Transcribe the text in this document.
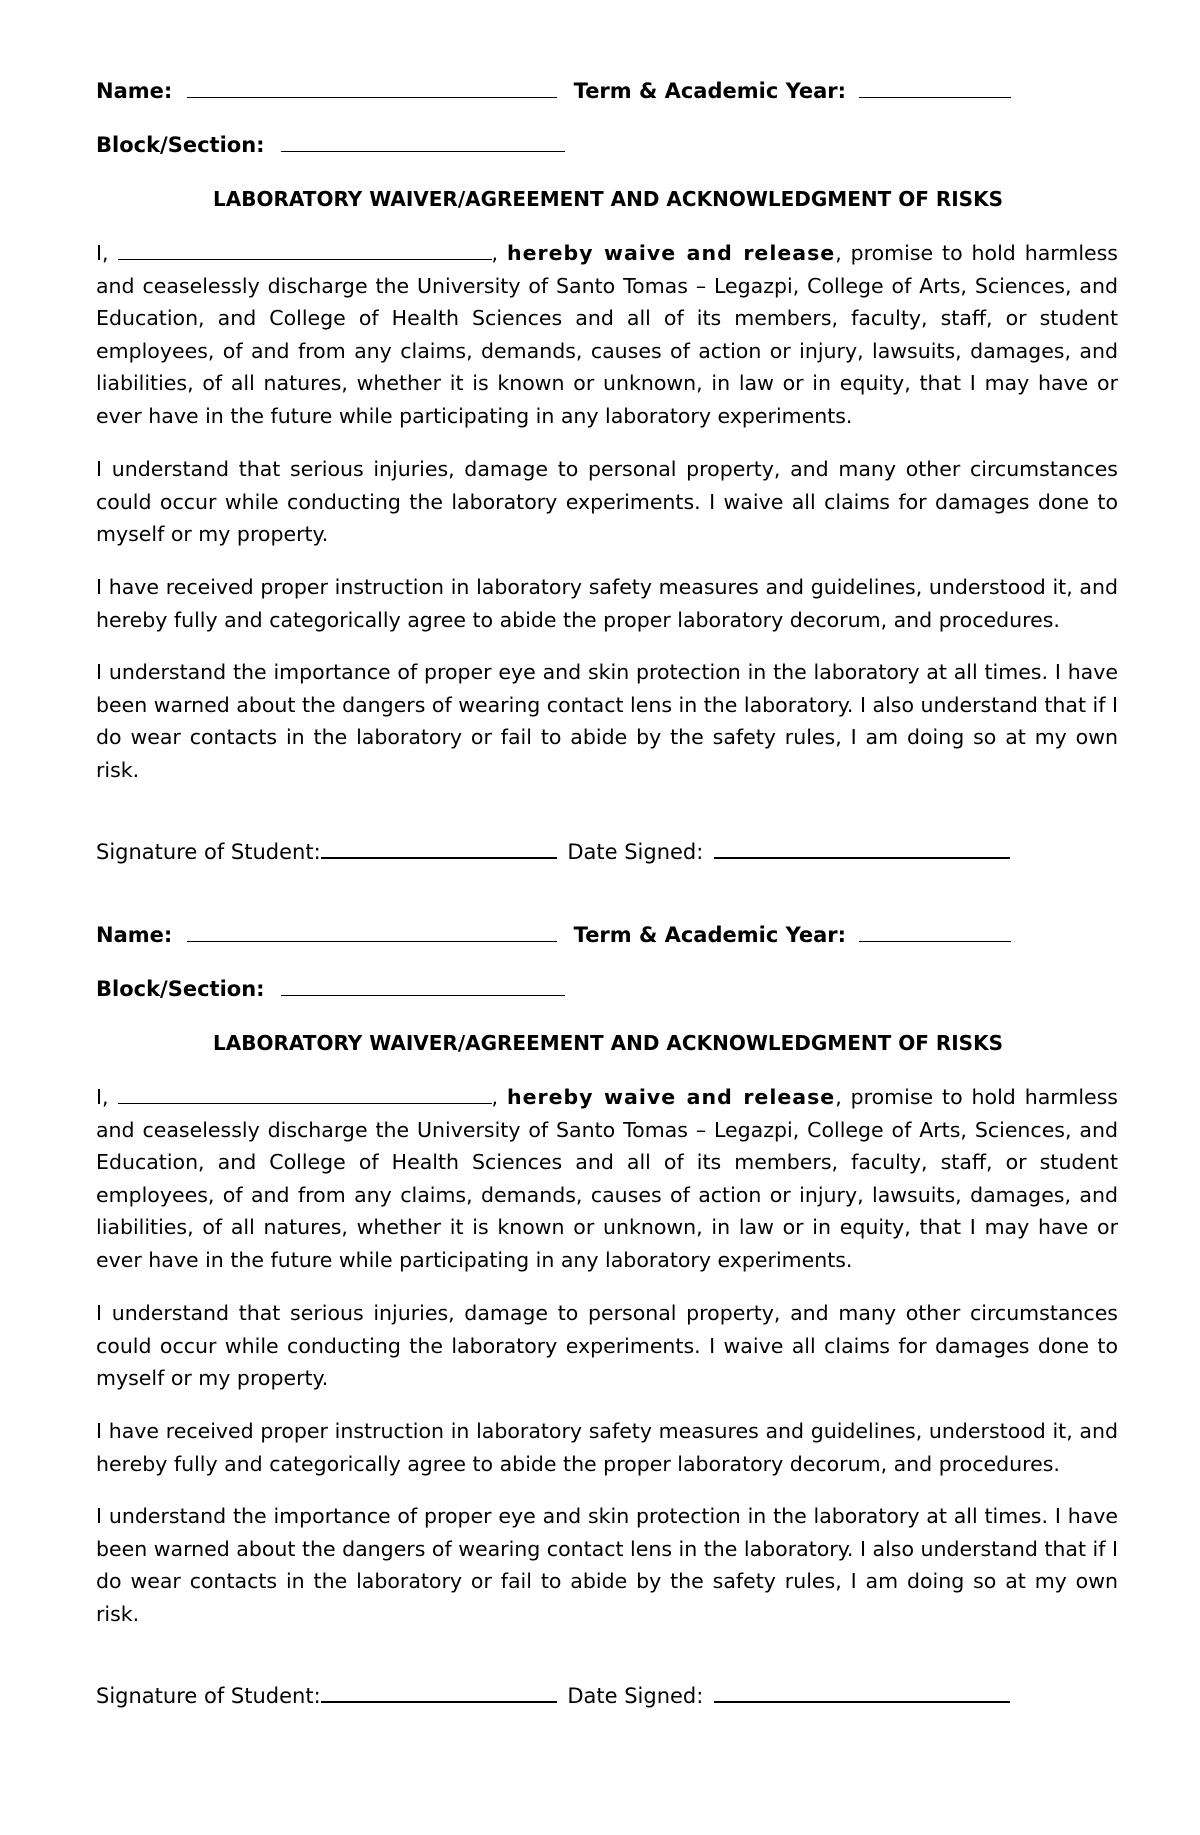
Name:	Term & Academic Year:
Block/Section:
LABORATORY WAIVER/AGREEMENT AND ACKNOWLEDGMENT OF RISKS

I,	, hereby waive and release, promise to hold harmless and ceaselessly discharge the University of Santo Tomas – Legazpi, College of Arts, Sciences, and Education, and College of Health Sciences and all of its members, faculty, staff, or student employees, of and from any claims, demands, causes of action or injury, lawsuits, damages, and liabilities, of all natures, whether it is known or unknown, in law or in equity, that I may have or ever have in the future while participating in any laboratory experiments.

I understand that serious injuries, damage to personal property, and many other circumstances could occur while conducting the laboratory experiments. I waive all claims for damages done to myself or my property.

I have received proper instruction in laboratory safety measures and guidelines, understood it, and hereby fully and categorically agree to abide the proper laboratory decorum, and procedures.

I understand the importance of proper eye and skin protection in the laboratory at all times. I have been warned about the dangers of wearing contact lens in the laboratory. I also understand that if I do wear contacts in the laboratory or fail to abide by the safety rules, I am doing so at my own risk.

Signature of Student:	Date Signed:
Name:	Term & Academic Year:
Block/Section:
LABORATORY WAIVER/AGREEMENT AND ACKNOWLEDGMENT OF RISKS

I,	, hereby waive and release, promise to hold harmless and ceaselessly discharge the University of Santo Tomas – Legazpi, College of Arts, Sciences, and Education, and College of Health Sciences and all of its members, faculty, staff, or student employees, of and from any claims, demands, causes of action or injury, lawsuits, damages, and liabilities, of all natures, whether it is known or unknown, in law or in equity, that I may have or ever have in the future while participating in any laboratory experiments.

I understand that serious injuries, damage to personal property, and many other circumstances could occur while conducting the laboratory experiments. I waive all claims for damages done to myself or my property.

I have received proper instruction in laboratory safety measures and guidelines, understood it, and hereby fully and categorically agree to abide the proper laboratory decorum, and procedures.

I understand the importance of proper eye and skin protection in the laboratory at all times. I have been warned about the dangers of wearing contact lens in the laboratory. I also understand that if I do wear contacts in the laboratory or fail to abide by the safety rules, I am doing so at my own risk.

Signature of Student:	Date Signed:
